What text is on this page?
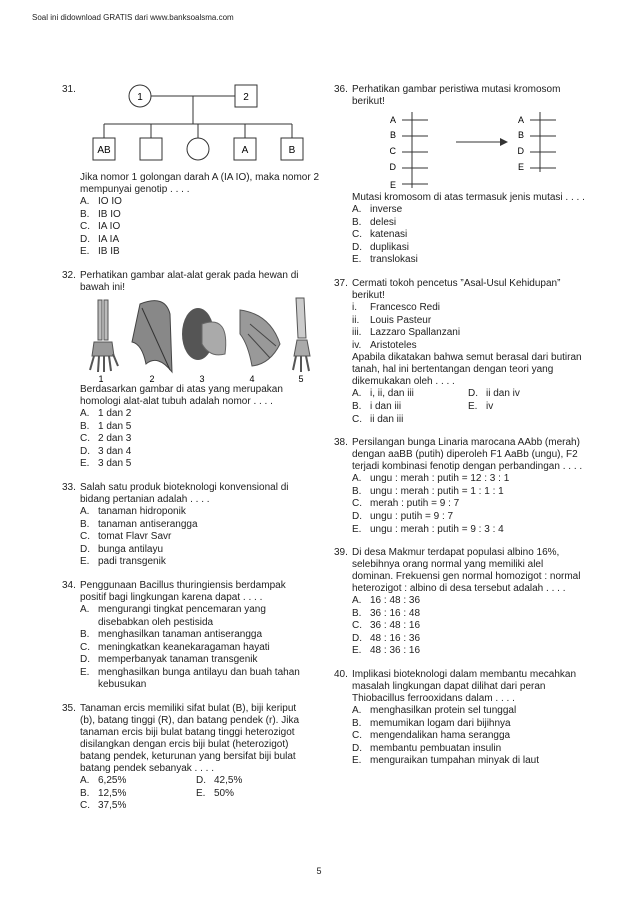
Soal ini didownload GRATIS dari www.banksoalsma.com
31.
1	2
AB	A	B

Jika nomor 1 golongan darah A (IA IO), maka nomor 2 mempunyai genotip . . . .

A. IO IO
B. IB IO
C. IA IO
D. IA IA
E. IB IB
32. Perhatikan gambar alat-alat gerak pada hewan di bawah ini!

1	2	3	4	5

Berdasarkan gambar di atas yang merupakan homologi alat-alat tubuh adalah nomor . . . .

A. 1 dan 2
B. 1 dan 5
C. 2 dan 3
D. 3 dan 4
E. 3 dan 5
33. Salah satu produk bioteknologi konvensional di bidang pertanian adalah . . . .

A. tanaman hidroponik
B. tanaman antiserangga
C. tomat Flavr Savr
D. bunga antilayu
E. padi transgenik
34. Penggunaan Bacillus thuringiensis berdampak positif bagi lingkungan karena dapat . . . .

A. mengurangi tingkat pencemaran yang disebabkan oleh pestisida
B. menghasilkan tanaman antiserangga
C. meningkatkan keanekaragaman hayati
D. memperbanyak tanaman transgenik
E. menghasilkan bunga antilayu dan buah tahan kebusukan
35. Tanaman ercis memiliki sifat bulat (B), biji keriput (b), batang tinggi (R), dan batang pendek (r). Jika tanaman ercis biji bulat batang tinggi heterozigot disilangkan dengan ercis biji bulat (heterozigot) batang pendek, keturunan yang bersifat biji bulat batang pendek sebanyak . . . .

A. 6,25%	D. 42,5%
B. 12,5%	E. 50%
C. 37,5%
36. Perhatikan gambar peristiwa mutasi kromosom berikut!

A
B
C
D
E
A
B
D
E

Mutasi kromosom di atas termasuk jenis mutasi . . . .

A. inverse
B. delesi
C. katenasi
D. duplikasi
E. translokasi
37. Cermati tokoh pencetus ”Asal-Usul Kehidupan” berikut!

i.	Francesco Redi
ii.	Louis Pasteur
iii. Lazzaro Spallanzani
iv. Aristoteles

Apabila dikatakan bahwa semut berasal dari butiran tanah, hal ini bertentangan dengan teori yang dikemukakan oleh . . . .

A. i, ii, dan iii	D. ii dan iv
B. i dan iii	E. iv
C. ii dan iii
38. Persilangan bunga Linaria marocana AAbb (merah) dengan aaBB (putih) diperoleh F1 AaBb (ungu), F2 terjadi kombinasi fenotip dengan perbandingan . . . .

A. ungu : merah : putih = 12 : 3 : 1
B. ungu : merah : putih = 1 : 1 : 1
C. merah : putih = 9 : 7
D. ungu : putih = 9 : 7
E. ungu : merah : putih = 9 : 3 : 4
39. Di desa Makmur terdapat populasi albino 16%, selebihnya orang normal yang memiliki alel dominan. Frekuensi gen normal homozigot : normal heterozigot : albino di desa tersebut adalah . . . .

A. 16 : 48 : 36
B. 36 : 16 : 48
C. 36 : 48 : 16
D. 48 : 16 : 36
E. 48 : 36 : 16
40. Implikasi bioteknologi dalam membantu mecahkan masalah lingkungan dapat dilihat dari peran Thiobacillus ferrooxidans dalam . . . .

A. menghasilkan protein sel tunggal
B. memumikan logam dari bijihnya
C. mengendalikan hama serangga
D. membantu pembuatan insulin
E. menguraikan tumpahan minyak di laut
5
